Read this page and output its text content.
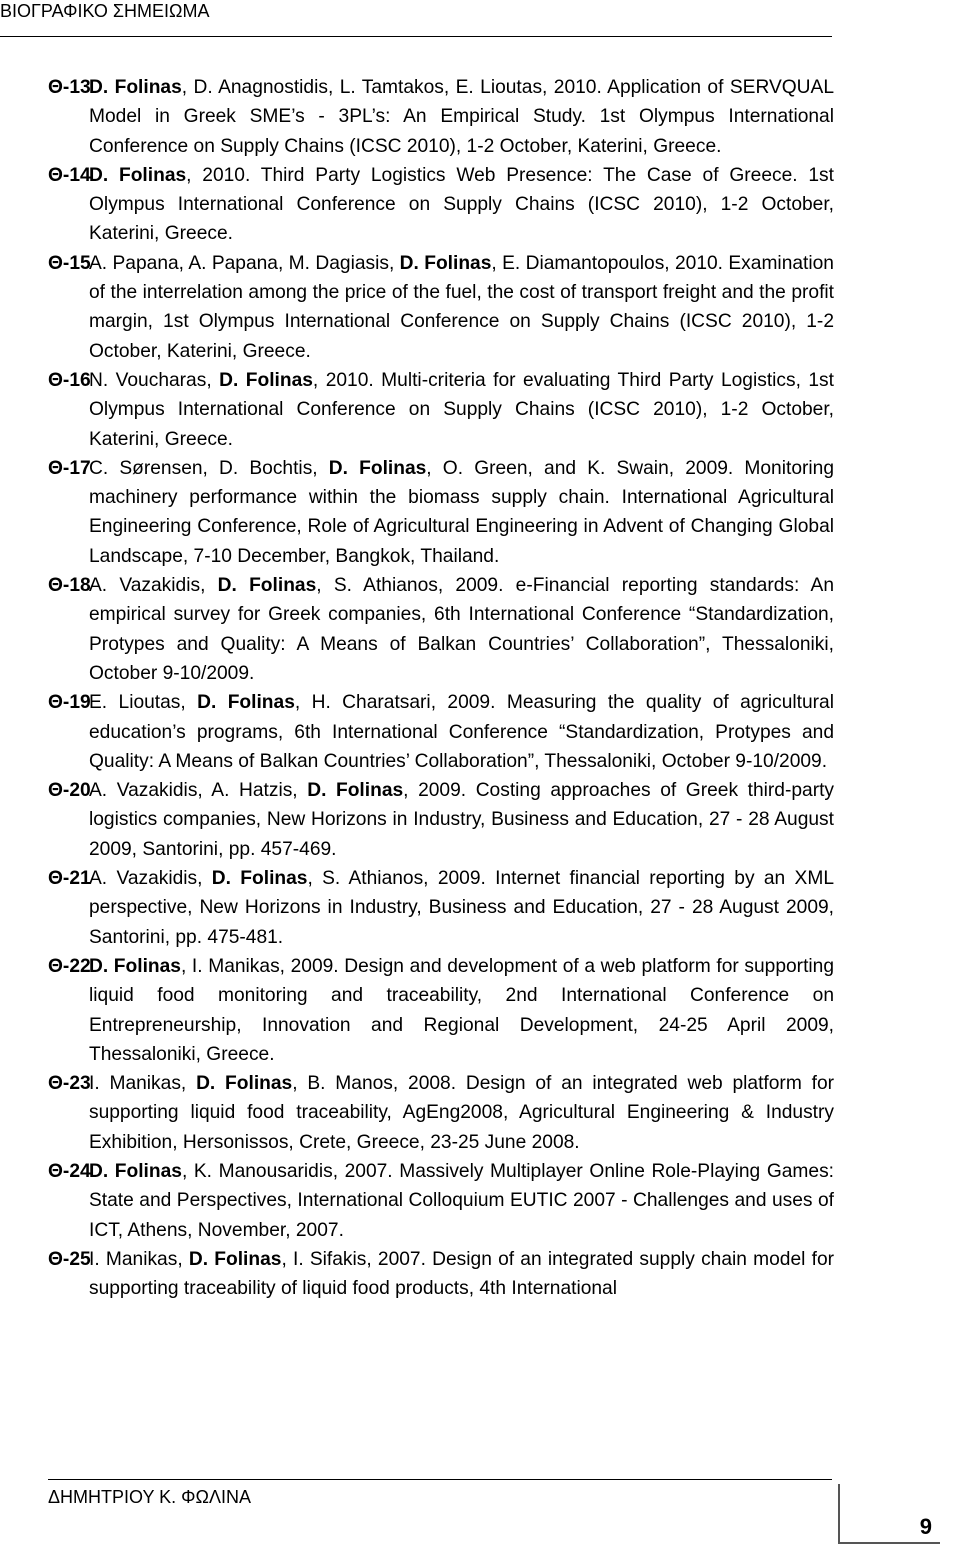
ΒΙΟΓΡΑΦΙΚΟ ΣΗΜΕΙΩΜΑ
Θ-13
D. Folinas, D. Anagnostidis, L. Tamtakos, E. Lioutas, 2010. Application of SERVQUAL Model in Greek SME’s - 3PL’s: An Empirical Study. 1st Olympus International Conference on Supply Chains (ICSC 2010), 1-2 October, Katerini, Greece.
Θ-14
D. Folinas, 2010. Third Party Logistics Web Presence: The Case of Greece. 1st Olympus International Conference on Supply Chains (ICSC 2010), 1-2 October, Katerini, Greece.
Θ-15
A. Papana, A. Papana, M. Dagiasis, D. Folinas, E. Diamantopoulos, 2010. Examination of the interrelation among the price of the fuel, the cost of transport freight and the profit margin, 1st Olympus International Conference on Supply Chains (ICSC 2010), 1-2 October, Katerini, Greece.
Θ-16
N. Voucharas, D. Folinas, 2010. Multi-criteria for evaluating Third Party Logistics, 1st Olympus International Conference on Supply Chains (ICSC 2010), 1-2 October, Katerini, Greece.
Θ-17
C. Sørensen, D. Bochtis, D. Folinas, O. Green, and K. Swain, 2009. Monitoring machinery performance within the biomass supply chain. International Agricultural Engineering Conference, Role of Agricultural Engineering in Advent of Changing Global Landscape, 7-10 December, Bangkok, Thailand.
Θ-18
A. Vazakidis, D. Folinas, S. Athianos, 2009. e-Financial reporting standards: An empirical survey for Greek companies, 6th International Conference “Standardization, Protypes and Quality: A Means of Balkan Countries’ Collaboration”, Thessaloniki, October 9-10/2009.
Θ-19
E. Lioutas, D. Folinas, H. Charatsari, 2009. Measuring the quality of agricultural education’s programs, 6th International Conference “Standardization, Protypes and Quality: A Means of Balkan Countries’ Collaboration”, Thessaloniki, October 9-10/2009.
Θ-20
A. Vazakidis, A. Hatzis, D. Folinas, 2009. Costing approaches of Greek third-party logistics companies, New Horizons in Industry, Business and Education, 27 - 28 August 2009, Santorini, pp. 457-469.
Θ-21
A. Vazakidis, D. Folinas, S. Athianos, 2009. Internet financial reporting by an XML perspective, New Horizons in Industry, Business and Education, 27 - 28 August 2009, Santorini, pp. 475-481.
Θ-22
D. Folinas, I. Manikas, 2009. Design and development of a web platform for supporting liquid food monitoring and traceability, 2nd International Conference on Entrepreneurship, Innovation and Regional Development, 24-25 April 2009, Thessaloniki, Greece.
Θ-23
I. Manikas, D. Folinas, B. Manos, 2008. Design of an integrated web platform for supporting liquid food traceability, AgEng2008, Agricultural Engineering & Industry Exhibition, Hersonissos, Crete, Greece, 23-25 June 2008.
Θ-24
D. Folinas, K. Manousaridis, 2007. Massively Multiplayer Online Role-Playing Games: State and Perspectives, International Colloquium EUTIC 2007 - Challenges and uses of ICT, Athens, November, 2007.
Θ-25
I. Manikas, D. Folinas, I. Sifakis, 2007. Design of an integrated supply chain model for supporting traceability of liquid food products, 4th International
ΔΗΜΗΤΡΙΟΥ Κ. ΦΩΛΙΝΑ
9
